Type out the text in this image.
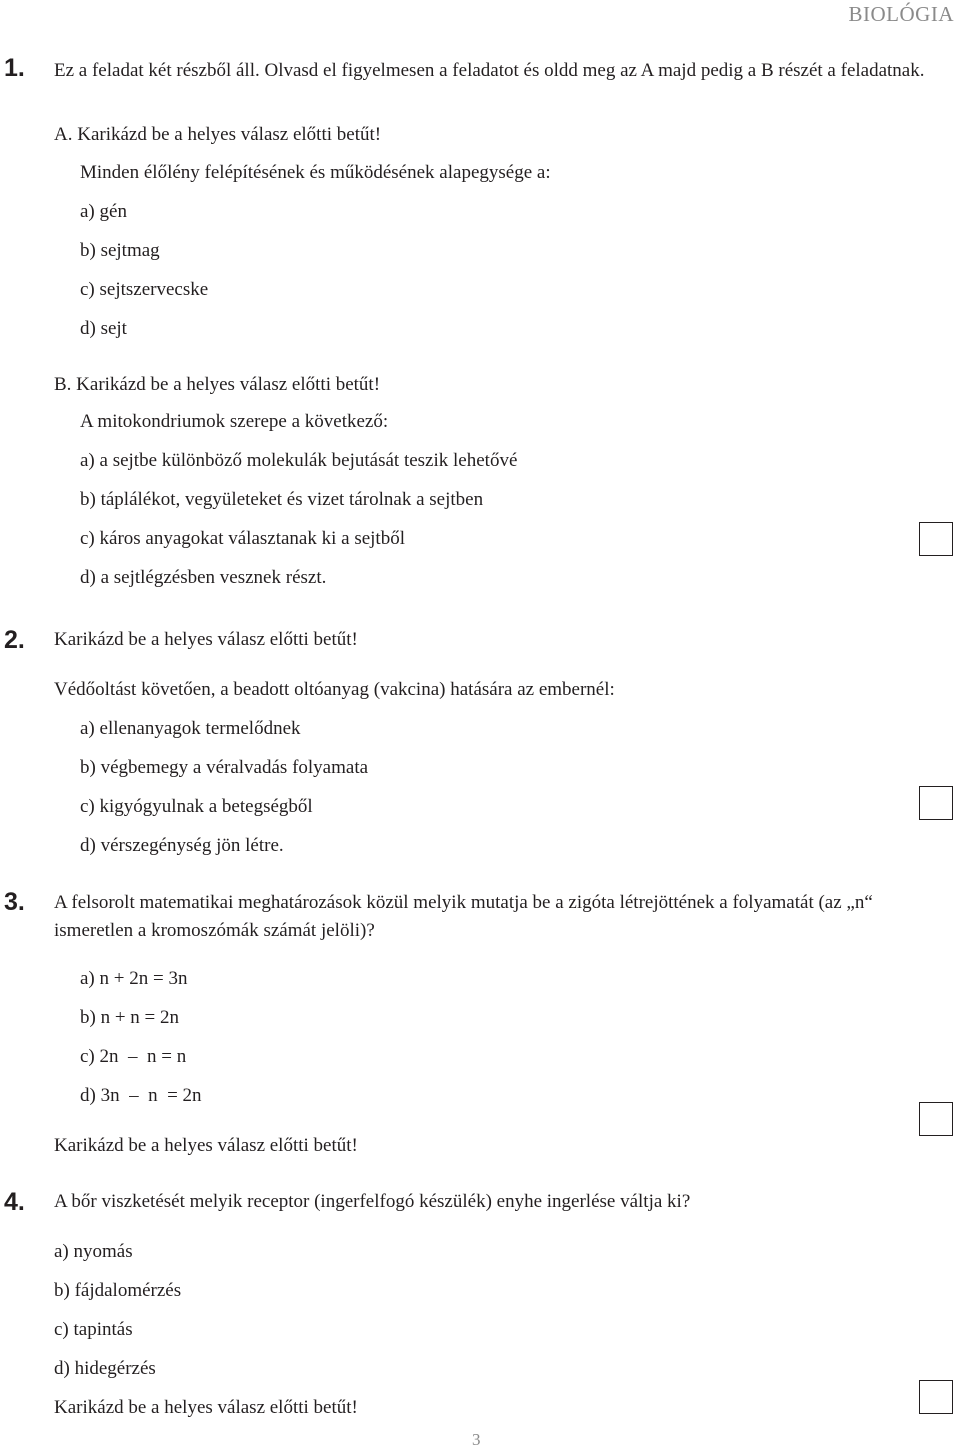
BIOLÓGIA
1. Ez a feladat két részből áll. Olvasd el figyelmesen a feladatot és oldd meg az A majd pedig a B részét a feladatnak.
A. Karikázd be a helyes válasz előtti betűt!
Minden élőlény felépítésének és működésének alapegysége a:
a) gén
b) sejtmag
c) sejtszervecske
d) sejt
B. Karikázd be a helyes válasz előtti betűt!
A mitokondriumok szerepe a következő:
a) a sejtbe különböző molekulák bejutását teszik lehetővé
b) táplálékot, vegyületeket és vizet tárolnak a sejtben
c) káros anyagokat választanak ki a sejtből
d) a sejtlégzésben vesznek részt.
2. Karikázd be a helyes válasz előtti betűt!
Védőoltást követően, a beadott oltóanyag (vakcina) hatására az embernél:
a) ellenanyagok termelődnek
b) végbemegy a véralvadás folyamata
c) kigyógyulnak a betegségből
d) vérszegénység jön létre.
3. A felsorolt matematikai meghatározások közül melyik mutatja be a zigóta létrejöttének a folyamatát (az „n“ ismeretlen a kromoszómák számát jelöli)?
a) n + 2n = 3n
b) n + n = 2n
c) 2n  –  n = n
d) 3n  –  n  = 2n
Karikázd be a helyes válasz előtti betűt!
4. A bőr viszketését melyik receptor (ingerfelfogó készülék) enyhe ingerlése váltja ki?
a) nyomás
b) fájdalomérzés
c) tapintás
d) hidegérzés
Karikázd be a helyes válasz előtti betűt!
3
